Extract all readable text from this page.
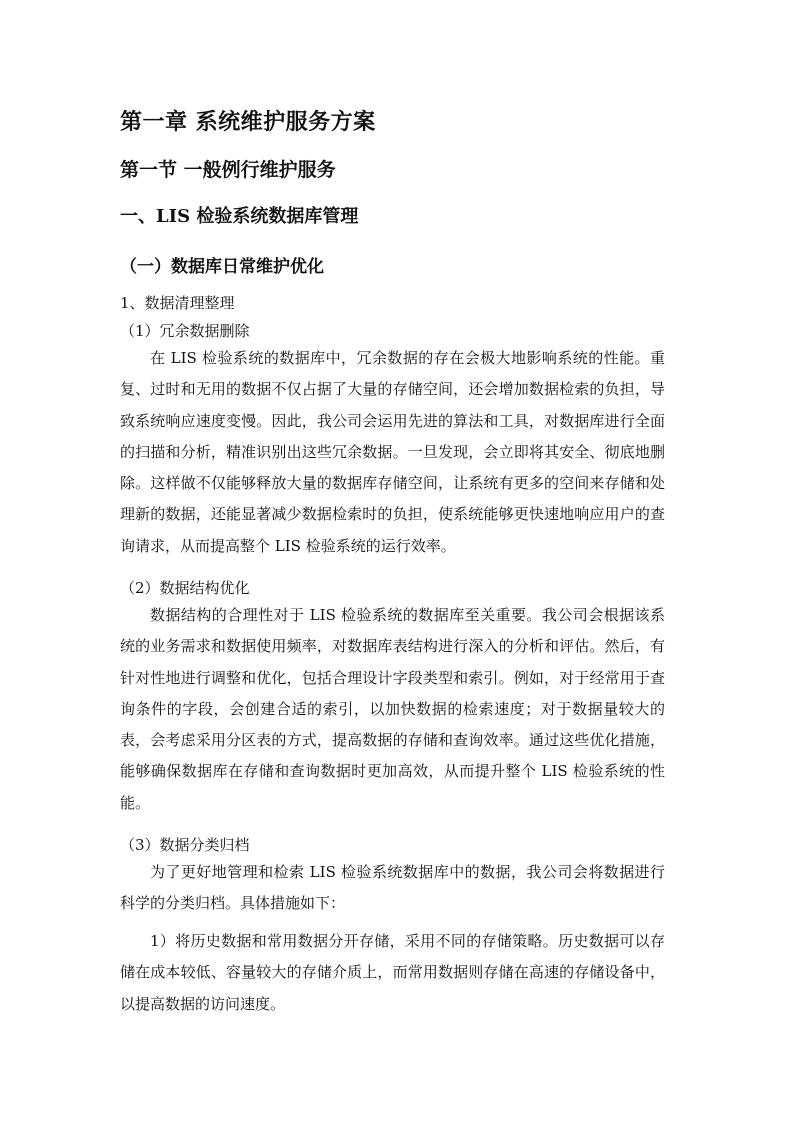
第一章 系统维护服务方案
第一节 一般例行维护服务
一、LIS 检验系统数据库管理
（一）数据库日常维护优化

1、数据清理整理

（1）冗余数据删除

在 LIS 检验系统的数据库中，冗余数据的存在会极大地影响系统的性能。重复、过时和无用的数据不仅占据了大量的存储空间，还会增加数据检索的负担，导致系统响应速度变慢。因此，我公司会运用先进的算法和工具，对数据库进行全面的扫描和分析，精准识别出这些冗余数据。一旦发现，会立即将其安全、彻底地删除。这样做不仅能够释放大量的数据库存储空间，让系统有更多的空间来存储和处理新的数据，还能显著减少数据检索时的负担，使系统能够更快速地响应用户的查询请求，从而提高整个 LIS 检验系统的运行效率。

（2）数据结构优化

数据结构的合理性对于 LIS 检验系统的数据库至关重要。我公司会根据该系统的业务需求和数据使用频率，对数据库表结构进行深入的分析和评估。然后，有针对性地进行调整和优化，包括合理设计字段类型和索引。例如，对于经常用于查询条件的字段，会创建合适的索引，以加快数据的检索速度；对于数据量较大的表，会考虑采用分区表的方式，提高数据的存储和查询效率。通过这些优化措施，能够确保数据库在存储和查询数据时更加高效，从而提升整个 LIS 检验系统的性能。

（3）数据分类归档

为了更好地管理和检索 LIS 检验系统数据库中的数据，我公司会将数据进行科学的分类归档。具体措施如下：

1）将历史数据和常用数据分开存储，采用不同的存储策略。历史数据可以存储在成本较低、容量较大的存储介质上，而常用数据则存储在高速的存储设备中，以提高数据的访问速度。
